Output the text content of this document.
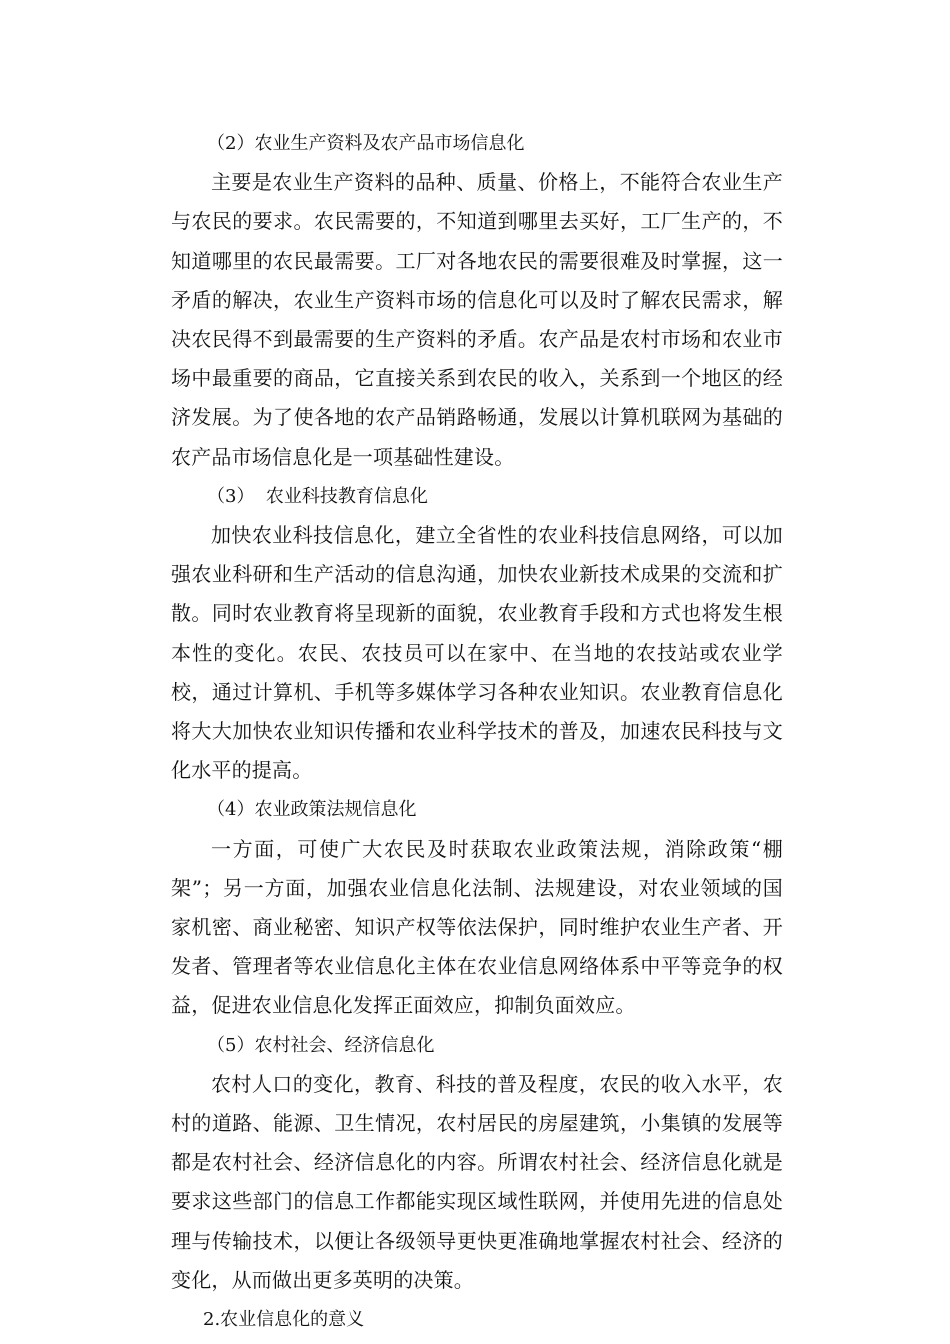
（2）农业生产资料及农产品市场信息化

主要是农业生产资料的品种、质量、价格上，不能符合农业生产与农民的要求。农民需要的，不知道到哪里去买好，工厂生产的，不知道哪里的农民最需要。工厂对各地农民的需要很难及时掌握，这一矛盾的解决，农业生产资料市场的信息化可以及时了解农民需求，解决农民得不到最需要的生产资料的矛盾。农产品是农村市场和农业市场中最重要的商品，它直接关系到农民的收入，关系到一个地区的经济发展。为了使各地的农产品销路畅通，发展以计算机联网为基础的农产品市场信息化是一项基础性建设。

（3）  农业科技教育信息化

加快农业科技信息化，建立全省性的农业科技信息网络，可以加强农业科研和生产活动的信息沟通，加快农业新技术成果的交流和扩散。同时农业教育将呈现新的面貌，农业教育手段和方式也将发生根本性的变化。农民、农技员可以在家中、在当地的农技站或农业学校，通过计算机、手机等多媒体学习各种农业知识。农业教育信息化将大大加快农业知识传播和农业科学技术的普及，加速农民科技与文化水平的提高。

（4）农业政策法规信息化

一方面，可使广大农民及时获取农业政策法规，消除政策“棚架”；另一方面，加强农业信息化法制、法规建设，对农业领域的国家机密、商业秘密、知识产权等依法保护，同时维护农业生产者、开发者、管理者等农业信息化主体在农业信息网络体系中平等竞争的权益，促进农业信息化发挥正面效应，抑制负面效应。

（5）农村社会、经济信息化

农村人口的变化，教育、科技的普及程度，农民的收入水平，农村的道路、能源、卫生情况，农村居民的房屋建筑，小集镇的发展等都是农村社会、经济信息化的内容。所谓农村社会、经济信息化就是要求这些部门的信息工作都能实现区域性联网，并使用先进的信息处理与传输技术，以便让各级领导更快更准确地掌握农村社会、经济的变化，从而做出更多英明的决策。

2.农业信息化的意义
